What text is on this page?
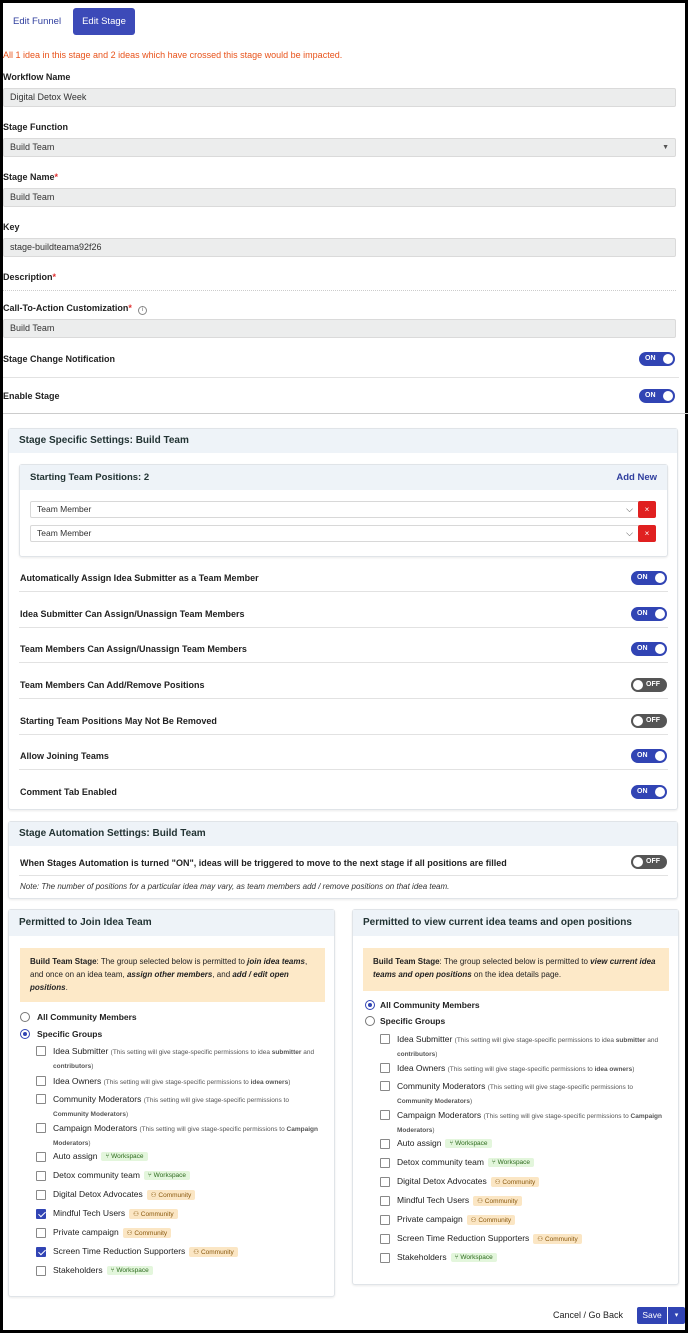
Edit Funnel	Edit Stage
All 1 idea in this stage and 2 ideas which have crossed this stage would be impacted.
Workflow Name
Digital Detox Week
Stage Function
Build Team	▼
Stage Name*
Build Team
Key
stage-buildteama92f26
Description*
Call-To-Action Customization* i
Build Team
Stage Change Notification	ON
Enable Stage	ON
Stage Specific Settings: Build Team
Starting Team Positions: 2	Add New
Team Member	⌵	×
Team Member	⌵	×
Automatically Assign Idea Submitter as a Team Member	ON
Idea Submitter Can Assign/Unassign Team Members	ON
Team Members Can Assign/Unassign Team Members	ON
Team Members Can Add/Remove Positions	OFF
Starting Team Positions May Not Be Removed	OFF
Allow Joining Teams	ON
Comment Tab Enabled	ON
Stage Automation Settings: Build Team
When Stages Automation is turned "ON", ideas will be triggered to move to the next stage if all positions are filled	OFF
Note: The number of positions for a particular idea may vary, as team members add / remove positions on that idea team.
Permitted to Join Idea Team
Build Team Stage: The group selected below is permitted to join idea teams, and once on an idea team, assign other members, and add / edit open positions.
All Community Members
Specific Groups
Idea Submitter (This setting will give stage-specific permissions to idea submitter and contributors)
Idea Owners (This setting will give stage-specific permissions to idea owners)
Community Moderators (This setting will give stage-specific permissions to Community Moderators)
Campaign Moderators (This setting will give stage-specific permissions to Campaign Moderators)
Auto assign ⑂ Workspace
Detox community team ⑂ Workspace
Digital Detox Advocates ⚇ Community
Mindful Tech Users ⚇ Community
Private campaign ⚇ Community
Screen Time Reduction Supporters ⚇ Community
Stakeholders ⑂ Workspace
Permitted to view current idea teams and open positions
Build Team Stage: The group selected below is permitted to view current idea teams and open positions on the idea details page.
All Community Members
Specific Groups
Idea Submitter (This setting will give stage-specific permissions to idea submitter and contributors)
Idea Owners (This setting will give stage-specific permissions to idea owners)
Community Moderators (This setting will give stage-specific permissions to Community Moderators)
Campaign Moderators (This setting will give stage-specific permissions to Campaign Moderators)
Auto assign ⑂ Workspace
Detox community team ⑂ Workspace
Digital Detox Advocates ⚇ Community
Mindful Tech Users ⚇ Community
Private campaign ⚇ Community
Screen Time Reduction Supporters ⚇ Community
Stakeholders ⑂ Workspace
Cancel / Go Back	Save	▾
